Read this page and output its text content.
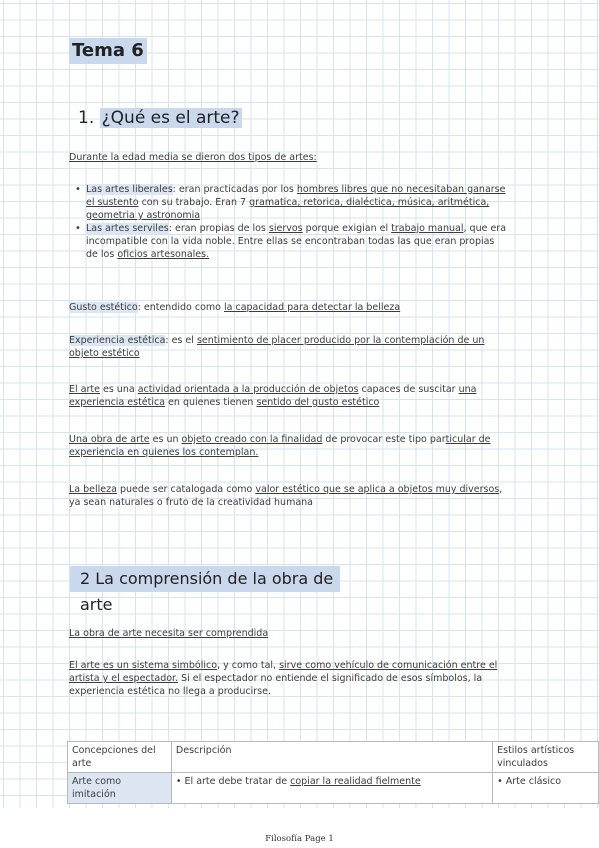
Tema 6
1. ¿Qué es el arte?
Durante la edad media se dieron dos tipos de artes:
• Las artes liberales: eran practicadas por los hombres libres que no necesitaban ganarse el sustento con su trabajo. Eran 7 gramatica, retorica, dialéctica, música, aritmética, geometria y astronomia
• Las artes serviles: eran propias de los siervos porque exigian el trabajo manual, que era incompatible con la vida noble. Entre ellas se encontraban todas las que eran propias de los oficios artesonales.
Gusto estético: entendido como la capacidad para detectar la belleza
Experiencia estética: es el sentimiento de placer producido por la contemplación de un objeto estético
El arte es una actividad orientada a la producción de objetos capaces de suscitar una experiencia estética en quienes tienen sentido del gusto estético
Una obra de arte es un objeto creado con la finalidad de provocar este tipo particular de experiencia en quienes los contemplan.
La belleza puede ser catalogada como valor estético que se aplica a objetos muy diversos, ya sean naturales o fruto de la creatividad humana
2 La comprensión de la obra de arte
La obra de arte necesita ser comprendida
El arte es un sistema simbólico, y como tal, sirve como vehículo de comunicación entre el artista y el espectador. Si el espectador no entiende el significado de esos símbolos, la experiencia estética no llega a producirse.
Concepciones del arte	Descripción	Estilos artísticos vinculados
Arte como imitación	• El arte debe tratar de copiar la realidad fielmente	• Arte clásico
Filosofía Page 1
